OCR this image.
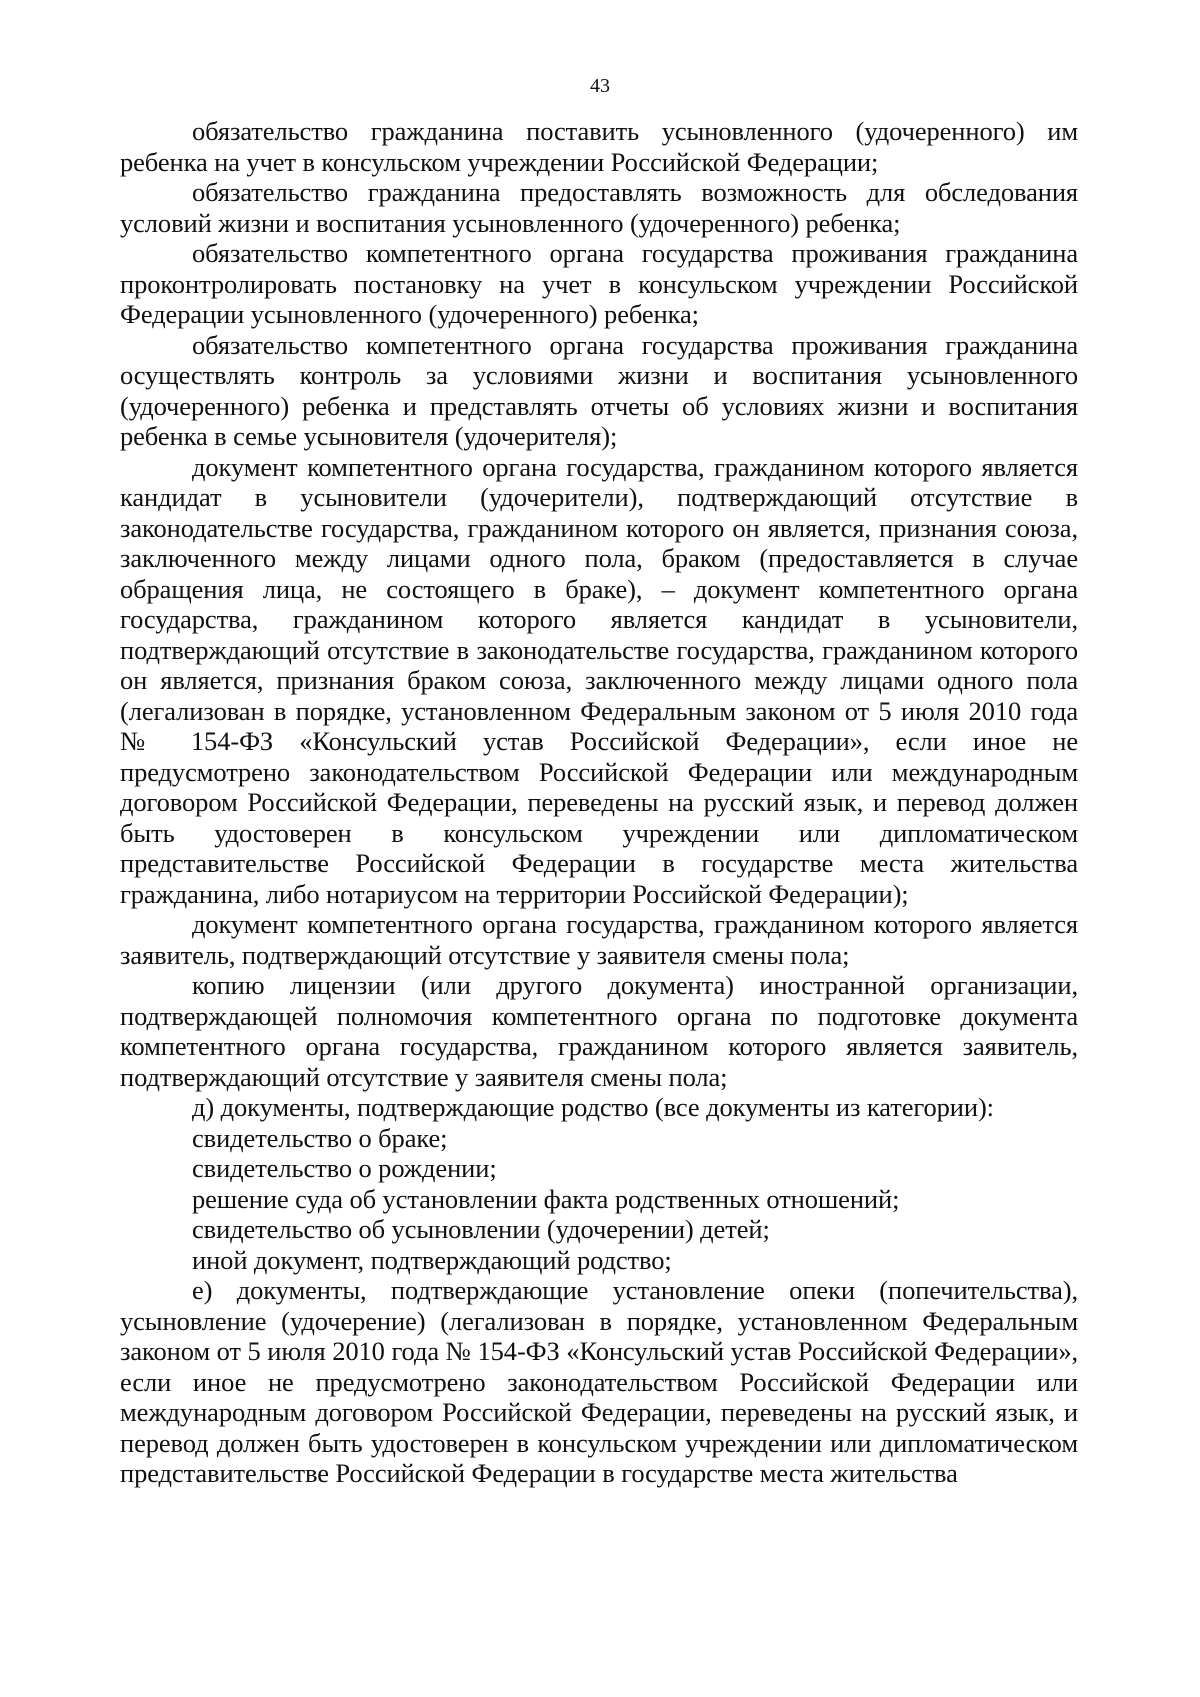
43

обязательство гражданина поставить усыновленного (удочеренного) им ребенка на учет в консульском учреждении Российской Федерации;

обязательство гражданина предоставлять возможность для обследования условий жизни и воспитания усыновленного (удочеренного) ребенка;

обязательство компетентного органа государства проживания гражданина проконтролировать постановку на учет в консульском учреждении Российской Федерации усыновленного (удочеренного) ребенка;

обязательство компетентного органа государства проживания гражданина осуществлять контроль за условиями жизни и воспитания усыновленного (удочеренного) ребенка и представлять отчеты об условиях жизни и воспитания ребенка в семье усыновителя (удочерителя);

документ компетентного органа государства, гражданином которого является кандидат в усыновители (удочерители), подтверждающий отсутствие в законодательстве государства, гражданином которого он является, признания союза, заключенного между лицами одного пола, браком (предоставляется в случае обращения лица, не состоящего в браке), – документ компетентного органа государства, гражданином которого является кандидат в усыновители, подтверждающий отсутствие в законодательстве государства, гражданином которого он является, признания браком союза, заключенного между лицами одного пола (легализован в порядке, установленном Федеральным законом от 5 июля 2010 года № 154-ФЗ «Консульский устав Российской Федерации», если иное не предусмотрено законодательством Российской Федерации или международным договором Российской Федерации, переведены на русский язык, и перевод должен быть удостоверен в консульском учреждении или дипломатическом представительстве Российской Федерации в государстве места жительства гражданина, либо нотариусом на территории Российской Федерации);

документ компетентного органа государства, гражданином которого является заявитель, подтверждающий отсутствие у заявителя смены пола;

копию лицензии (или другого документа) иностранной организации, подтверждающей полномочия компетентного органа по подготовке документа компетентного органа государства, гражданином которого является заявитель, подтверждающий отсутствие у заявителя смены пола;

д) документы, подтверждающие родство (все документы из категории):

свидетельство о браке;

свидетельство о рождении;

решение суда об установлении факта родственных отношений;

свидетельство об усыновлении (удочерении) детей;

иной документ, подтверждающий родство;

е) документы, подтверждающие установление опеки (попечительства), усыновление (удочерение) (легализован в порядке, установленном Федеральным законом от 5 июля 2010 года № 154-ФЗ «Консульский устав Российской Федерации», если иное не предусмотрено законодательством Российской Федерации или международным договором Российской Федерации, переведены на русский язык, и перевод должен быть удостоверен в консульском учреждении или дипломатическом представительстве Российской Федерации в государстве места жительства
